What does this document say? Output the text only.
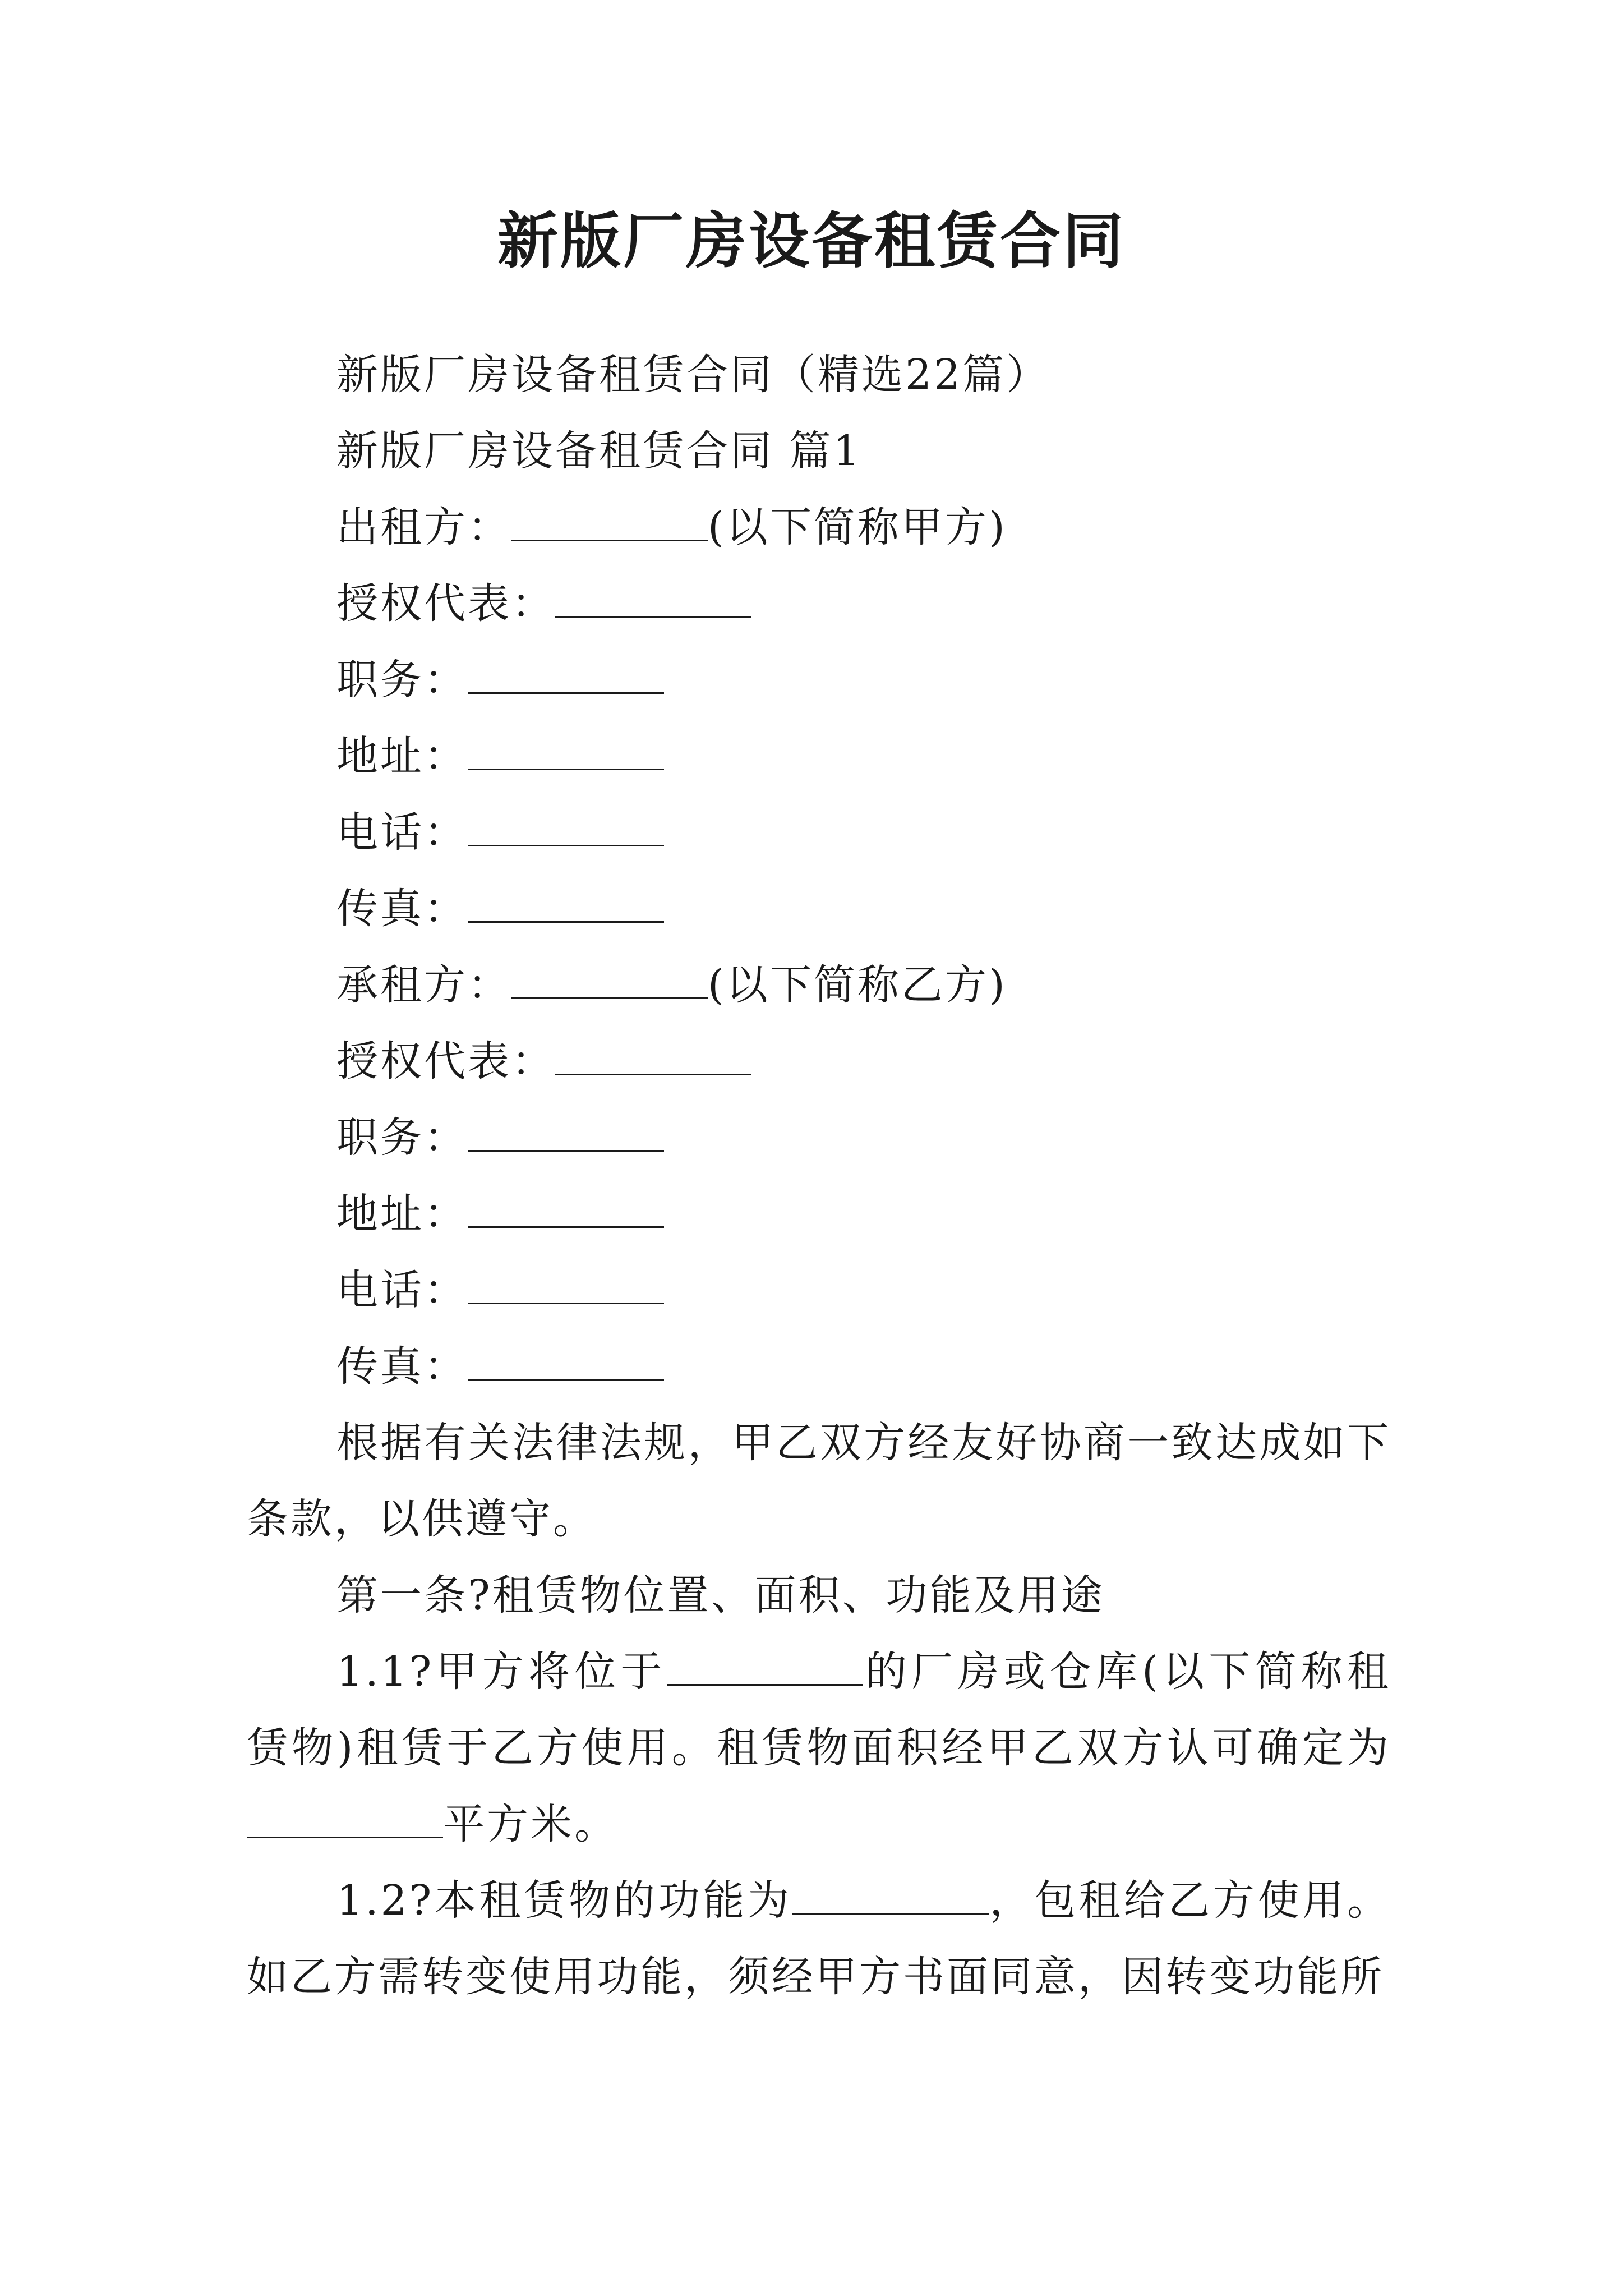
新版厂房设备租赁合同
新版厂房设备租赁合同（精选22篇）
新版厂房设备租赁合同 篇1
出租方：	(以下简称甲方)
授权代表：
职务：
地址：
电话：
传真：
承租方：	(以下简称乙方)
授权代表：
职务：
地址：
电话：
传真：
根据有关法律法规，甲乙双方经友好协商一致达成如下条款，以供遵守。
第一条?租赁物位置、面积、功能及用途
1.1?甲方将位于	的厂房或仓库(以下简称租赁物)租赁于乙方使用。租赁物面积经甲乙双方认可确定为平方米。
1.2?本租赁物的功能为	，包租给乙方使用。如乙方需转变使用功能，须经甲方书面同意，因转变功能所
